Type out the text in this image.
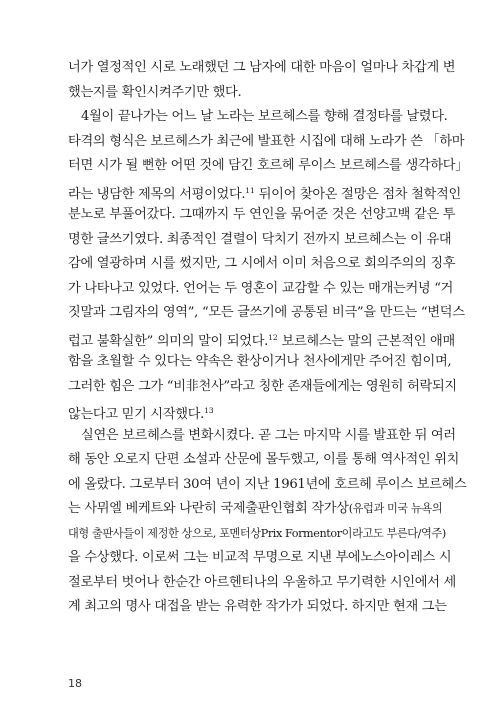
너가 열정적인 시로 노래했던 그 남자에 대한 마음이 얼마나 차갑게 변
했는지를 확인시켜주기만 했다.
4월이 끝나가는 어느 날 노라는 보르헤스를 향해 결정타를 날렸다.
타격의 형식은 보르헤스가 최근에 발표한 시집에 대해 노라가 쓴 「하마
터면 시가 될 뻔한 어떤 것에 담긴 호르헤 루이스 보르헤스를 생각하다」
라는 냉담한 제목의 서평이었다.$^{11}$ 뒤이어 찾아온 절망은 점차 철학적인
분노로 부풀어갔다. 그때까지 두 연인을 묶어준 것은 선양고백 같은 투
명한 글쓰기였다. 최종적인 결렬이 닥치기 전까지 보르헤스는 이 유대
감에 열광하며 시를 썼지만, 그 시에서 이미 처음으로 회의주의의 징후
가 나타나고 있었다. 언어는 두 영혼이 교감할 수 있는 매개는커녕 “거
짓말과 그림자의 영역”, “모든 글쓰기에 공통된 비극”을 만드는 “변덕스
럽고 불확실한” 의미의 말이 되었다.$^{12}$ 보르헤스는 말의 근본적인 애매
함을 초월할 수 있다는 약속은 환상이거나 천사에게만 주어진 힘이며,
그러한 힘은 그가 “비非천사”라고 칭한 존재들에게는 영원히 허락되지
않는다고 믿기 시작했다.$^{13}$
실연은 보르헤스를 변화시켰다. 곧 그는 마지막 시를 발표한 뒤 여러
해 동안 오로지 단편 소설과 산문에 몰두했고, 이를 통해 역사적인 위치
에 올랐다. 그로부터 30여 년이 지난 1961년에 호르헤 루이스 보르헤스
는 사뮈엘 베케트와 나란히 국제출판인협회 작가상(유럽과 미국 뉴욕의
대형 출판사들이 제정한 상으로, 포멘터상Prix Formentor이라고도 부른다/역주)
을 수상했다. 이로써 그는 비교적 무명으로 지낸 부에노스아이레스 시
절로부터 벗어나 한순간 아르헨티나의 우울하고 무기력한 시인에서 세
계 최고의 명사 대접을 받는 유력한 작가가 되었다. 하지만 현재 그는
18
